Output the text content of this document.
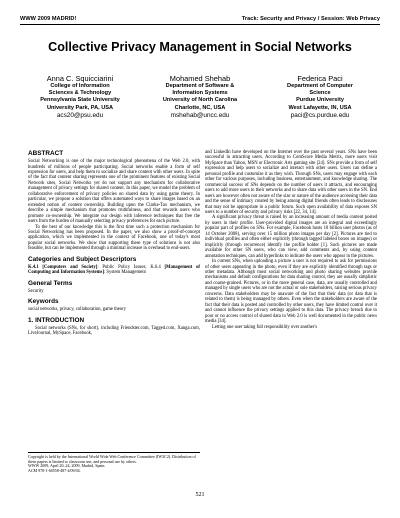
WWW 2009 MADRID!	Track: Security and Privacy / Session: Web Privacy
Collective Privacy Management in Social Networks
Anna C. Squicciarini
College of Information
Sciences & Technology
Pennsylvania State University
University Park, PA, USA
acs20@psu.edu
Mohamed Shehab
Department of Software &
Information Systems
University of North Carolina
Charlotte, NC, USA
mshehab@uncc.edu
Federica Paci
Department of Computer
Science
Purdue University
West Lafayette, IN, USA
paci@cs.purdue.edu
ABSTRACT

Social Networking is one of the major technological phenomena of the Web 2.0, with hundreds of millions of people participating. Social networks enable a form of self expression for users, and help them to socialize and share content with other users. In spite of the fact that content sharing represents one of the prominent features of existing Social Network sites, Social Networks yet do not support any mechanism for collaborative management of privacy settings for shared content. In this paper, we model the problem of collaborative enforcement of privacy policies on shared data by using game theory. In particular, we propose a solution that offers automated ways to share images based on an extended notion of content ownership. Building upon the Clarke-Tax mechanism, we describe a simple mechanism that promotes truthfulness, and that rewards users who promote co-ownership. We integrate our design with inference techniques that free the users from the burden of manually selecting privacy preferences for each picture.

To the best of our knowledge this is the first time such a protection mechanism for Social Networking has been proposed. In the paper, we also show a proof-of-concept application, which we implemented in the context of Facebook, one of today's most popular social networks. We show that supporting these type of solutions is not also feasible, but can be implemented through a minimal increase in overhead to end-users.

Categories and Subject Descriptors

K.4.1 [Computers and Society]: Public Policy Issues; K.6.4 [Management of Computing and Information Systems]: System Management

General Terms

Security

Keywords

social networks, privacy, collaboration, game theory

1. INTRODUCTION

Social networks (SNs, for short), including Friendster.com, Tagged.com, Xanga.com, LiveJournal, MySpace, Facebook,

Copyright is held by the International World Wide Web Conference Committee (IW3C2). Distribution of these papers is limited to classroom use, and personal use by others.
WWW 2009, April 20–24, 2009, Madrid, Spain.
ACM 978-1-60558-487-4/09/04.

and LinkedIn have developed on the Internet over the past several years. SNs have been successful in attracting users. According to ComScore Media Metrix, more users visit MySpace than Yahoo, MSN or Electronic Arts gaming site [24]. SNs provide a form of self expression and help users to socialize and interact with other users. Users can define a personal profile and customize it as they wish. Through SNs, users may engage with each other for various purposes, including business, entertainment, and knowledge sharing. The commercial success of SNs depends on the number of users it attracts, and encouraging users to add more users to their networks and to share data with other users in the SN. End users are however often not aware of the size or nature of the audience accessing their data and the sense of intimacy created by being among digital friends often leads to disclosures that may not be appropriate in a public forum. Such open availability of data exposes SN users to a number of security and privacy risks [22, 34, 14].

A significant privacy threat is raised by an increasing amount of media content posted by users in their profile. User-provided digital images are an integral and exceedingly popular part of profiles on SNs. For example, Facebook hosts 10 billion user photos (as of 14 October 2008), serving over 15 million photo images per day [2]. Pictures are tied to individual profiles and often either explicitly (through tagged labeled boxes on images) or implicitly (through recurrence) identify the profile holder [1]. Such pictures are made available for other SN users, who can view, add comments and, by using content annotation techniques, can add hyperlinks to indicate the users who appear in the pictures.

In current SNs, when uploading a picture a user is not required to ask for permissions of other users appearing in the photo, even if they are explicitly identified through tags or other metadata. Although most social networking and photo sharing websites provide mechanisms and default configurations for data sharing control, they are usually simplistic and coarse-grained. Pictures, or in the more general case, data, are usually controlled and managed by single users who are not the actual or sole stakeholders, raising serious privacy concerns. Data stakeholders may be unaware of the fact that their data (or data that is related to them) is being managed by others. Even when the stakeholders are aware of the fact that their data is posted and controlled by other users, they have limited control over it and cannot influence the privacy settings applied to this data. The privacy breach due to poor or no access control of shared data in Web 2.0 is well documented in the public news media [34].

Letting one user taking full responsibility over another's

521
